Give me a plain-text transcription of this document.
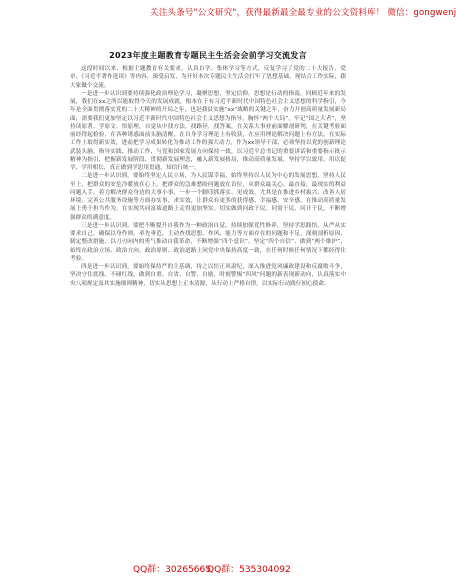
关注头条号"公文研究"，获得最新最全最专业的公文资料库！ 微信：gongwenj
2023年度主题教育专题民主生活会会前学习交流发言

这段时间以来，根据主题教育有关要求，认真自学、集体学习等方式，反复学习了党的二十大报告、党章、《习近平著作选读》等内容，深受启发，为开好本次专题民主生活会打牢了思想基础。现结合工作实际，跟大家做个交流。

一是进一步认识到要持续强化政治理论学习，凝聚思想，坚定信仰，思想是行动的指南，回顾近年来的发展，我们在xx之所以能取得今天的发展成就，根本在于有习近平新时代中国特色社会主义思想的科学指引，今年是全面贯彻落实党的二十大精神的开局之年，也是我县实施“xx”战略的关键之年，奋力开创高质量发展新局面，需要我们更加坚定以习近平新时代中国特色社会主义思想为指导，胸怀“两个大局”，牢记“国之大者”，坚持读原著、学原文、悟原理，自觉从中找方法，找路径，找答案，在关系大事业前面解剖研判，在关键考验面前经得起检验，在各种诱惑面前头脑清醒，在自身学习理论上有收获，在应用理论解决问题上有方法，在实际工作上取得新实效，进而把学习成果转化为推动工作的强大动力，作为xx领导干部，必须坚持以党的创新理论武装头脑、指导实践、推动工作，与党和国家发展方向保持一致，以习近平总书记的重要讲话和重要指示批示精神为指引，把握新发展阶段、贯彻新发展理念，融入新发展格局，推动高质量发展，坚持学以致用、用以促学、学用相长，真正做到学思用贯通、知信行统一。

二是进一步认识到，要始终坚定人民立场，为人民谋幸福，始终坚持以人民为中心的发展思想，坚持人民至上，把群众的安危冷暖放在心上，把群众的急难愁盼问题放在首位，从群众最关心、最直接、最现实的利益问题入手，着力解决群众身边的大事小事，一步一个脚印抓落实、见成效，尤其是在推进乡村振兴、改善人居环境、完善公共服务设施等方面办实事、求实效，让群众有更多的获得感、幸福感、安全感，在推动高质量发展上勇于担当作为，在实现共同富裕道路上走得更加坚实。切实做到问政于民、问需于民、问计于民，不断增强群众的满意度。

三是进一步认识到，要把不断提升自我作为一种政治自觉，持续加强党性修养，坚持学思践悟，从严从实要求自己，确保以身作则、率先垂范，主动查找思想、作风、能力等方面存在的问题和不足，深刻剖析原因，制定整改措施，以刀刃向内的勇气推动自我革命，不断增强“四个意识”、坚定“四个自信”、做到“两个维护”，始终在政治立场、政治方向、政治原则、政治道路上同党中央保持高度一致，在任何时候任何情况下都经得住考验。

四是进一步认识到，要始终保持严的主基调，持之以恒正风肃纪，深入推进党风廉政建设和反腐败斗争，坚决守住底线、不碰红线，做到自重、自省、自警、自励，时刻警惕“四风”问题的新表现新动向，认真落实中央八项规定及其实施细则精神，切实从思想上正本清源，从行动上严格自律，以实际行动践行初心使命。

QQ群：30265665
QQ群：535304092
